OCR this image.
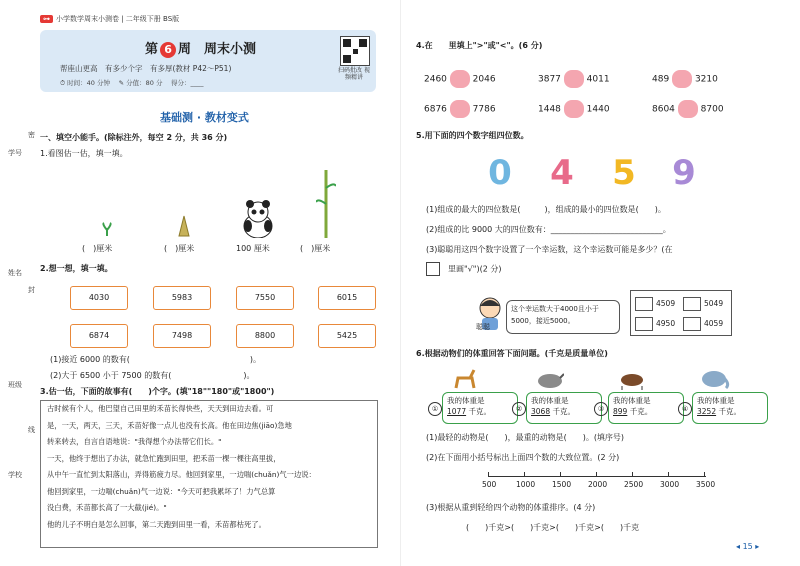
⊶ 小学数学周末小测卷 | 二年级下册 BS版
第 6 周　周末小测
帮座山更高　有多少个字　有多厚(教材 P42～P51)
⏱ 时间：40 分钟　 ✎ 分值：80 分　 得分：____
扫码批改 视频精讲
基础测 · 教材变式
学号
姓名
班级
学校
线
封
密 一、填空小能手。(除标注外，每空 2 分，共 36 分)
1.看图估一估，填一填。
(　)厘米	(　)厘米	100 厘米	(　)厘米
2.想一想，填一填。
4030	5983	7550	6015
6874	7498	8800	5425
(1)接近 6000 的数有(　　　　　　　　　　　　　　　)。
(2)大于 6500 小于 7500 的数有(　　　　　　　　　)。
3.估一估，下面的故事有(　　)个字。(填"18""180"或"1800")

古时候有个人，他巴望自己田里的禾苗长得快些，天天到田边去看。可

是，一天，两天，三天，禾苗好像一点儿也没有长高。他在田边焦(jiāo)急地

转来转去，自言自语地说："我得想个办法帮它们长。"

一天，他终于想出了办法，就急忙跑到田里，把禾苗一棵一棵往高里拔，

从中午一直忙到太阳落山，弄得筋疲力尽。他回到家里，一边喘(chuǎn)气一边说：

他回到家里，一边喘(chuǎn)气一边说："今天可把我累坏了！力气总算

没白费，禾苗都长高了一大截(jié)。"

他的儿子不明白是怎么回事，第二天跑到田里一看，禾苗都枯死了。

4.在　　里填上">"或"<"。(6 分)
2460	2046	3877	4011	489	3210
6876	7786	1448	1440	8604	8700
5.用下面的四个数字组四位数。
0 4 5 9
(1)组成的最大的四位数是(　　　)，组成的最小的四位数是(　　)。
(2)组成的比 9000 大的四位数有：____________________________。
(3)聪聪用这四个数字设置了一个幸运数，这个幸运数可能是多少？(在
　里画"√")(2 分)
聪聪
这个幸运数大于4000且小于5000，接近5000。
4509	5049
4950	4059
6.根据动物们的体重回答下面问题。(千克是质量单位)
①
我的体重是
1077 千克。	②
我的体重是
3068 千克。	③
我的体重是
899 千克。	④
我的体重是
3252 千克。
(1)最轻的动物是(　　)，最重的动物是(　　)。(填序号)
(2)在下面用小括号标出上面四个数的大致位置。(2 分)
500	1000 1500 2000 2500 3000 3500
(3)根据从重到轻给四个动物的体重排序。(4 分)
(　　)千克>(　　)千克>(　　)千克>(　　)千克
◂ 15 ▸
